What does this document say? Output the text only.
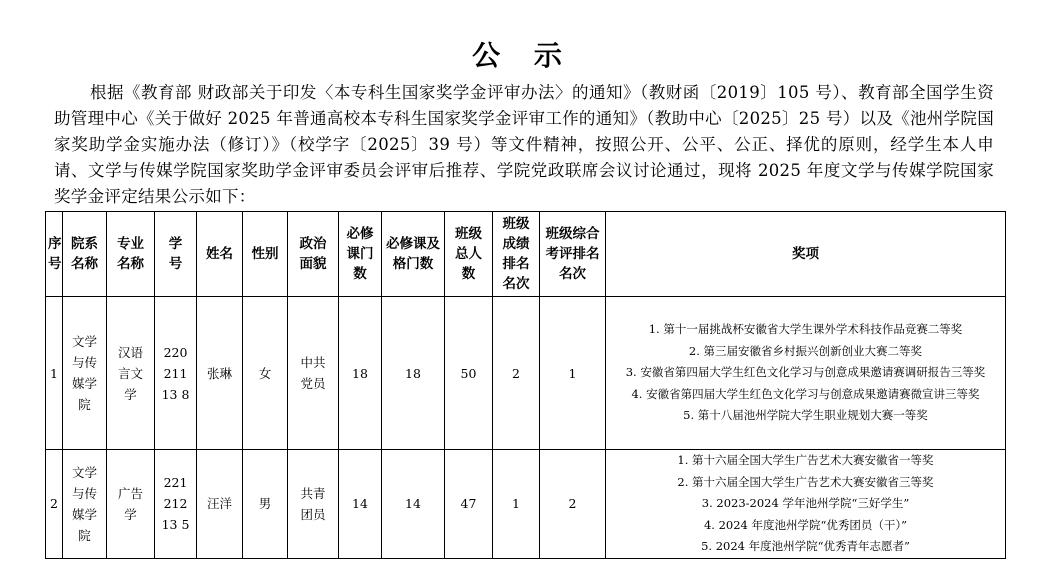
公 示

根据《教育部 财政部关于印发〈本专科生国家奖学金评审办法〉的通知》（教财函〔2019〕105 号）、教育部全国学生资助管理中心《关于做好 2025 年普通高校本专科生国家奖学金评审工作的通知》（教助中心〔2025〕25 号）以及《池州学院国家奖助学金实施办法（修订）》（校学字〔2025〕39 号）等文件精神，按照公开、公平、公正、择优的原则，经学生本人申请、文学与传媒学院国家奖助学金评审委员会评审后推荐、学院党政联席会议讨论通过，现将 2025 年度文学与传媒学院国家奖学金评定结果公示如下：

序号	院系名称	专业名称	学号	姓名	性别	政治面貌	必修课门数	必修课及格门数	班级总人数	班级成绩排名名次	班级综合考评排名名次	奖项
1	文学与传媒学院	汉语言文学	22021113 8	张琳	女	中共党员	18	18	50	2	1	1. 第十一届挑战杯安徽省大学生课外学术科技作品竞赛二等奖
2. 第三届安徽省乡村振兴创新创业大赛二等奖
3. 安徽省第四届大学生红色文化学习与创意成果邀请赛调研报告三等奖
4. 安徽省第四届大学生红色文化学习与创意成果邀请赛微宣讲三等奖
5. 第十八届池州学院大学生职业规划大赛一等奖

2	文学与传媒学院	广告学	22121213 5	汪洋	男	共青团员	14	14	47	1	2	1. 第十六届全国大学生广告艺术大赛安徽省一等奖
2. 第十六届全国大学生广告艺术大赛安徽省三等奖
3. 2023-2024 学年池州学院“三好学生”
4. 2024 年度池州学院“优秀团员（干）”
5. 2024 年度池州学院“优秀青年志愿者”
